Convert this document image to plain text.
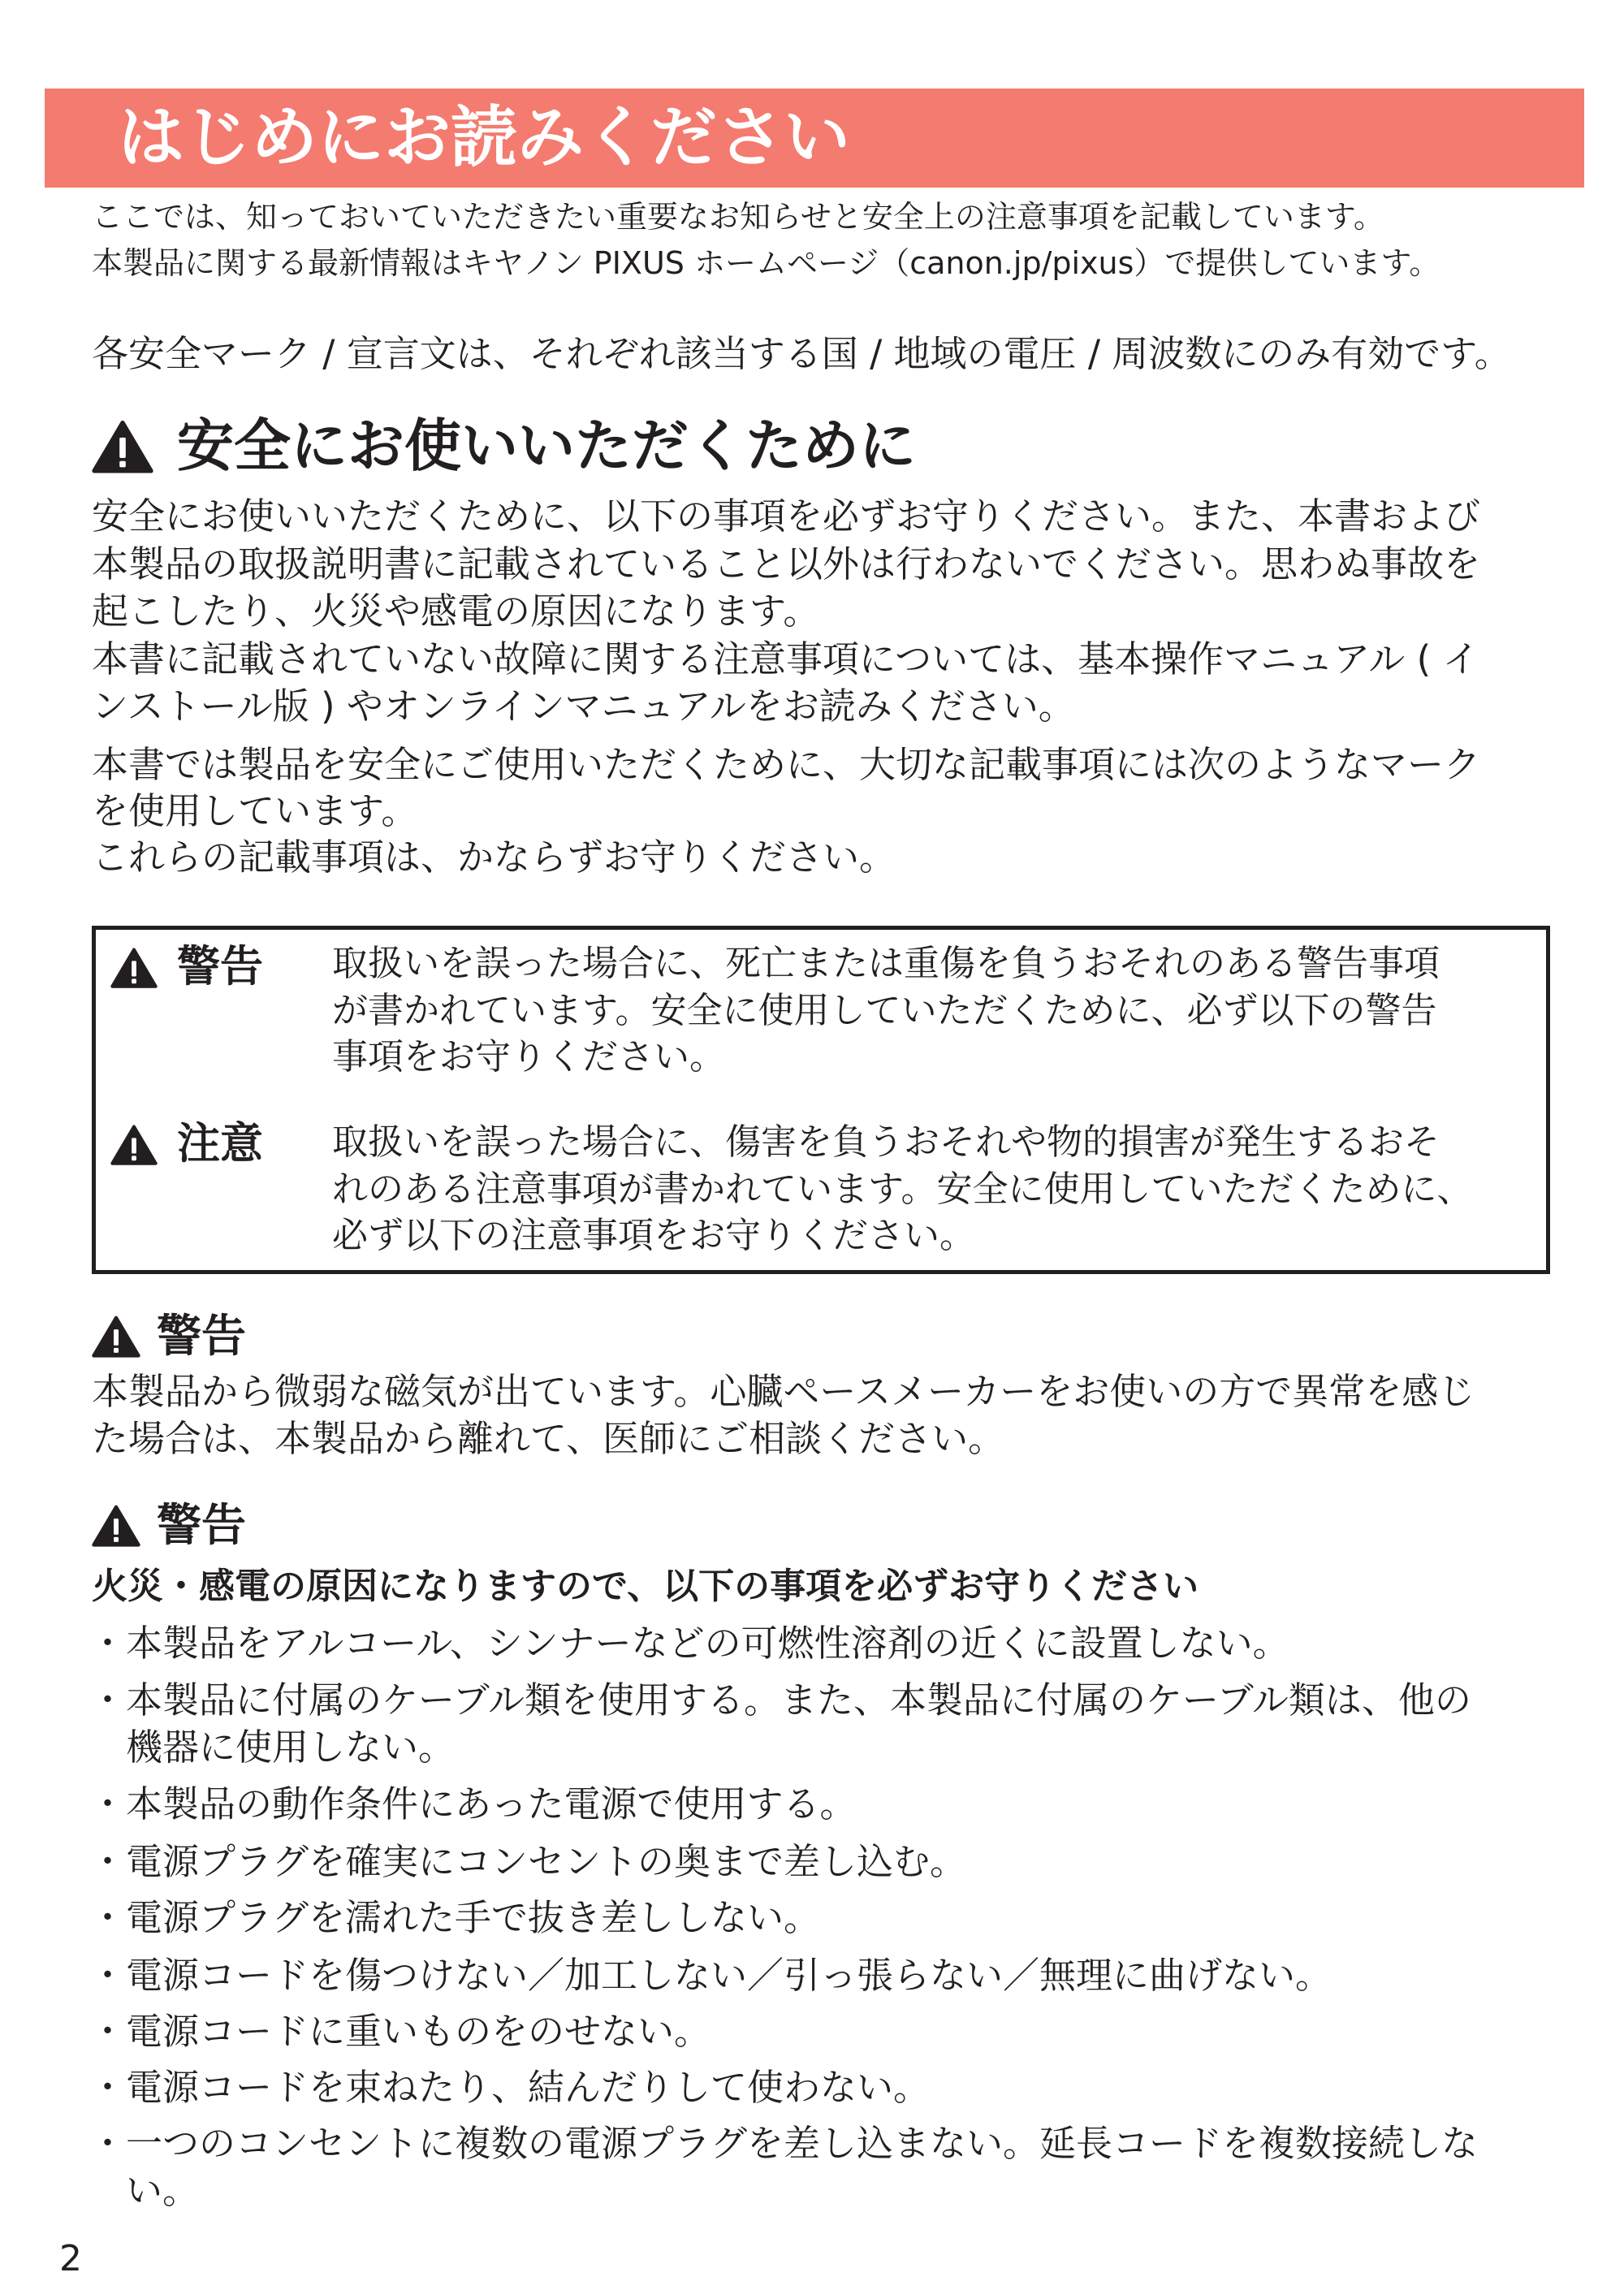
はじめにお読みください
ここでは、知っておいていただきたい重要なお知らせと安全上の注意事項を記載しています。
本製品に関する最新情報はキヤノン PIXUS ホームページ（canon.jp/pixus）で提供しています。
各安全マーク / 宣言文は、それぞれ該当する国 / 地域の電圧 / 周波数にのみ有効です。
安全にお使いいただくために
安全にお使いいただくために、以下の事項を必ずお守りください。また、本書および
本製品の取扱説明書に記載されていること以外は行わないでください。思わぬ事故を
起こしたり、火災や感電の原因になります。
本書に記載されていない故障に関する注意事項については、基本操作マニュアル ( イ
ンストール版 ) やオンラインマニュアルをお読みください。
本書では製品を安全にご使用いただくために、大切な記載事項には次のようなマーク
を使用しています。
これらの記載事項は、かならずお守りください。
警告 取扱いを誤った場合に、死亡または重傷を負うおそれのある警告事項
が書かれています。安全に使用していただくために、必ず以下の警告
事項をお守りください。
注意 取扱いを誤った場合に、傷害を負うおそれや物的損害が発生するおそ
れのある注意事項が書かれています。安全に使用していただくために、
必ず以下の注意事項をお守りください。
警告
本製品から微弱な磁気が出ています。心臓ペースメーカーをお使いの方で異常を感じ
た場合は、本製品から離れて、医師にご相談ください。
警告
火災・感電の原因になりますので、以下の事項を必ずお守りください
・ 本製品をアルコール、シンナーなどの可燃性溶剤の近くに設置しない。
・ 本製品に付属のケーブル類を使用する。また、本製品に付属のケーブル類は、他の
機器に使用しない。
・ 本製品の動作条件にあった電源で使用する。
・ 電源プラグを確実にコンセントの奥まで差し込む。
・ 電源プラグを濡れた手で抜き差ししない。
・ 電源コードを傷つけない／加工しない／引っ張らない／無理に曲げない。
・ 電源コードに重いものをのせない。
・ 電源コードを束ねたり、結んだりして使わない。
・ 一つのコンセントに複数の電源プラグを差し込まない。延長コードを複数接続しな
い。
2
